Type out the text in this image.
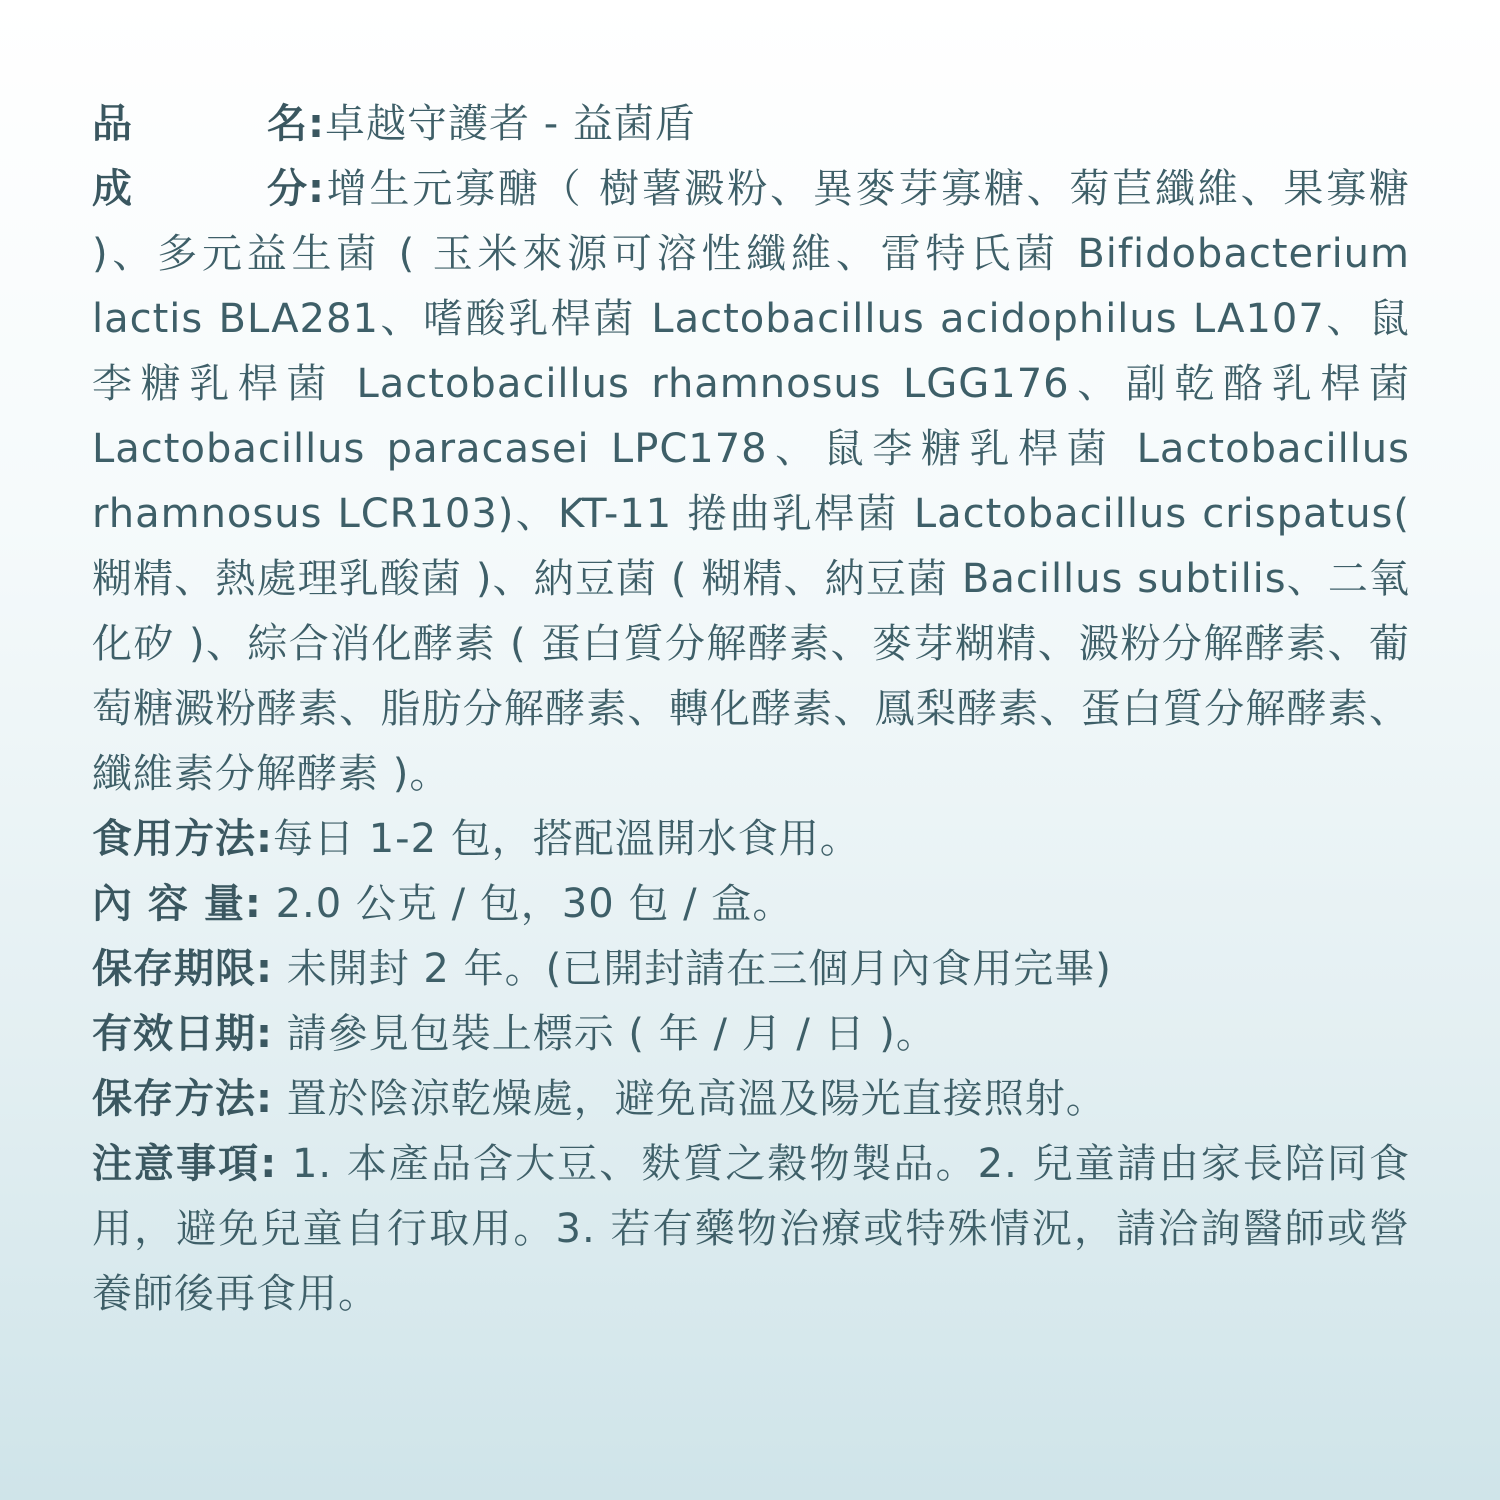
品　　名:卓越守護者 - 益菌盾
成　　分:增生元寡醣（ 樹薯澱粉、異麥芽寡糖、菊苣纖維、果寡糖 )、多元益生菌 ( 玉米來源可溶性纖維、雷特氏菌 Bifidobacterium lactis BLA281、嗜酸乳桿菌 Lactobacillus acidophilus LA107、鼠李糖乳桿菌 Lactobacillus rhamnosus LGG176、副乾酪乳桿菌 Lactobacillus paracasei LPC178、鼠李糖乳桿菌 Lactobacillus rhamnosus LCR103)、KT-11 捲曲乳桿菌 Lactobacillus crispatus( 糊精、熱處理乳酸菌 )、納豆菌 ( 糊精、納豆菌 Bacillus subtilis、二氧化矽 )、綜合消化酵素 ( 蛋白質分解酵素、麥芽糊精、澱粉分解酵素、葡萄糖澱粉酵素、脂肪分解酵素、轉化酵素、鳳梨酵素、蛋白質分解酵素、纖維素分解酵素 )。
食用方法:每日 1-2 包，搭配溫開水食用。
內 容 量: 2.0 公克 / 包，30 包 / 盒。
保存期限: 未開封 2 年。(已開封請在三個月內食用完畢)
有效日期: 請參見包裝上標示 ( 年 / 月 / 日 )。
保存方法: 置於陰涼乾燥處，避免高溫及陽光直接照射。
注意事項: 1. 本產品含大豆、麩質之穀物製品。2. 兒童請由家長陪同食用，避免兒童自行取用。3. 若有藥物治療或特殊情況，請洽詢醫師或營養師後再食用。
